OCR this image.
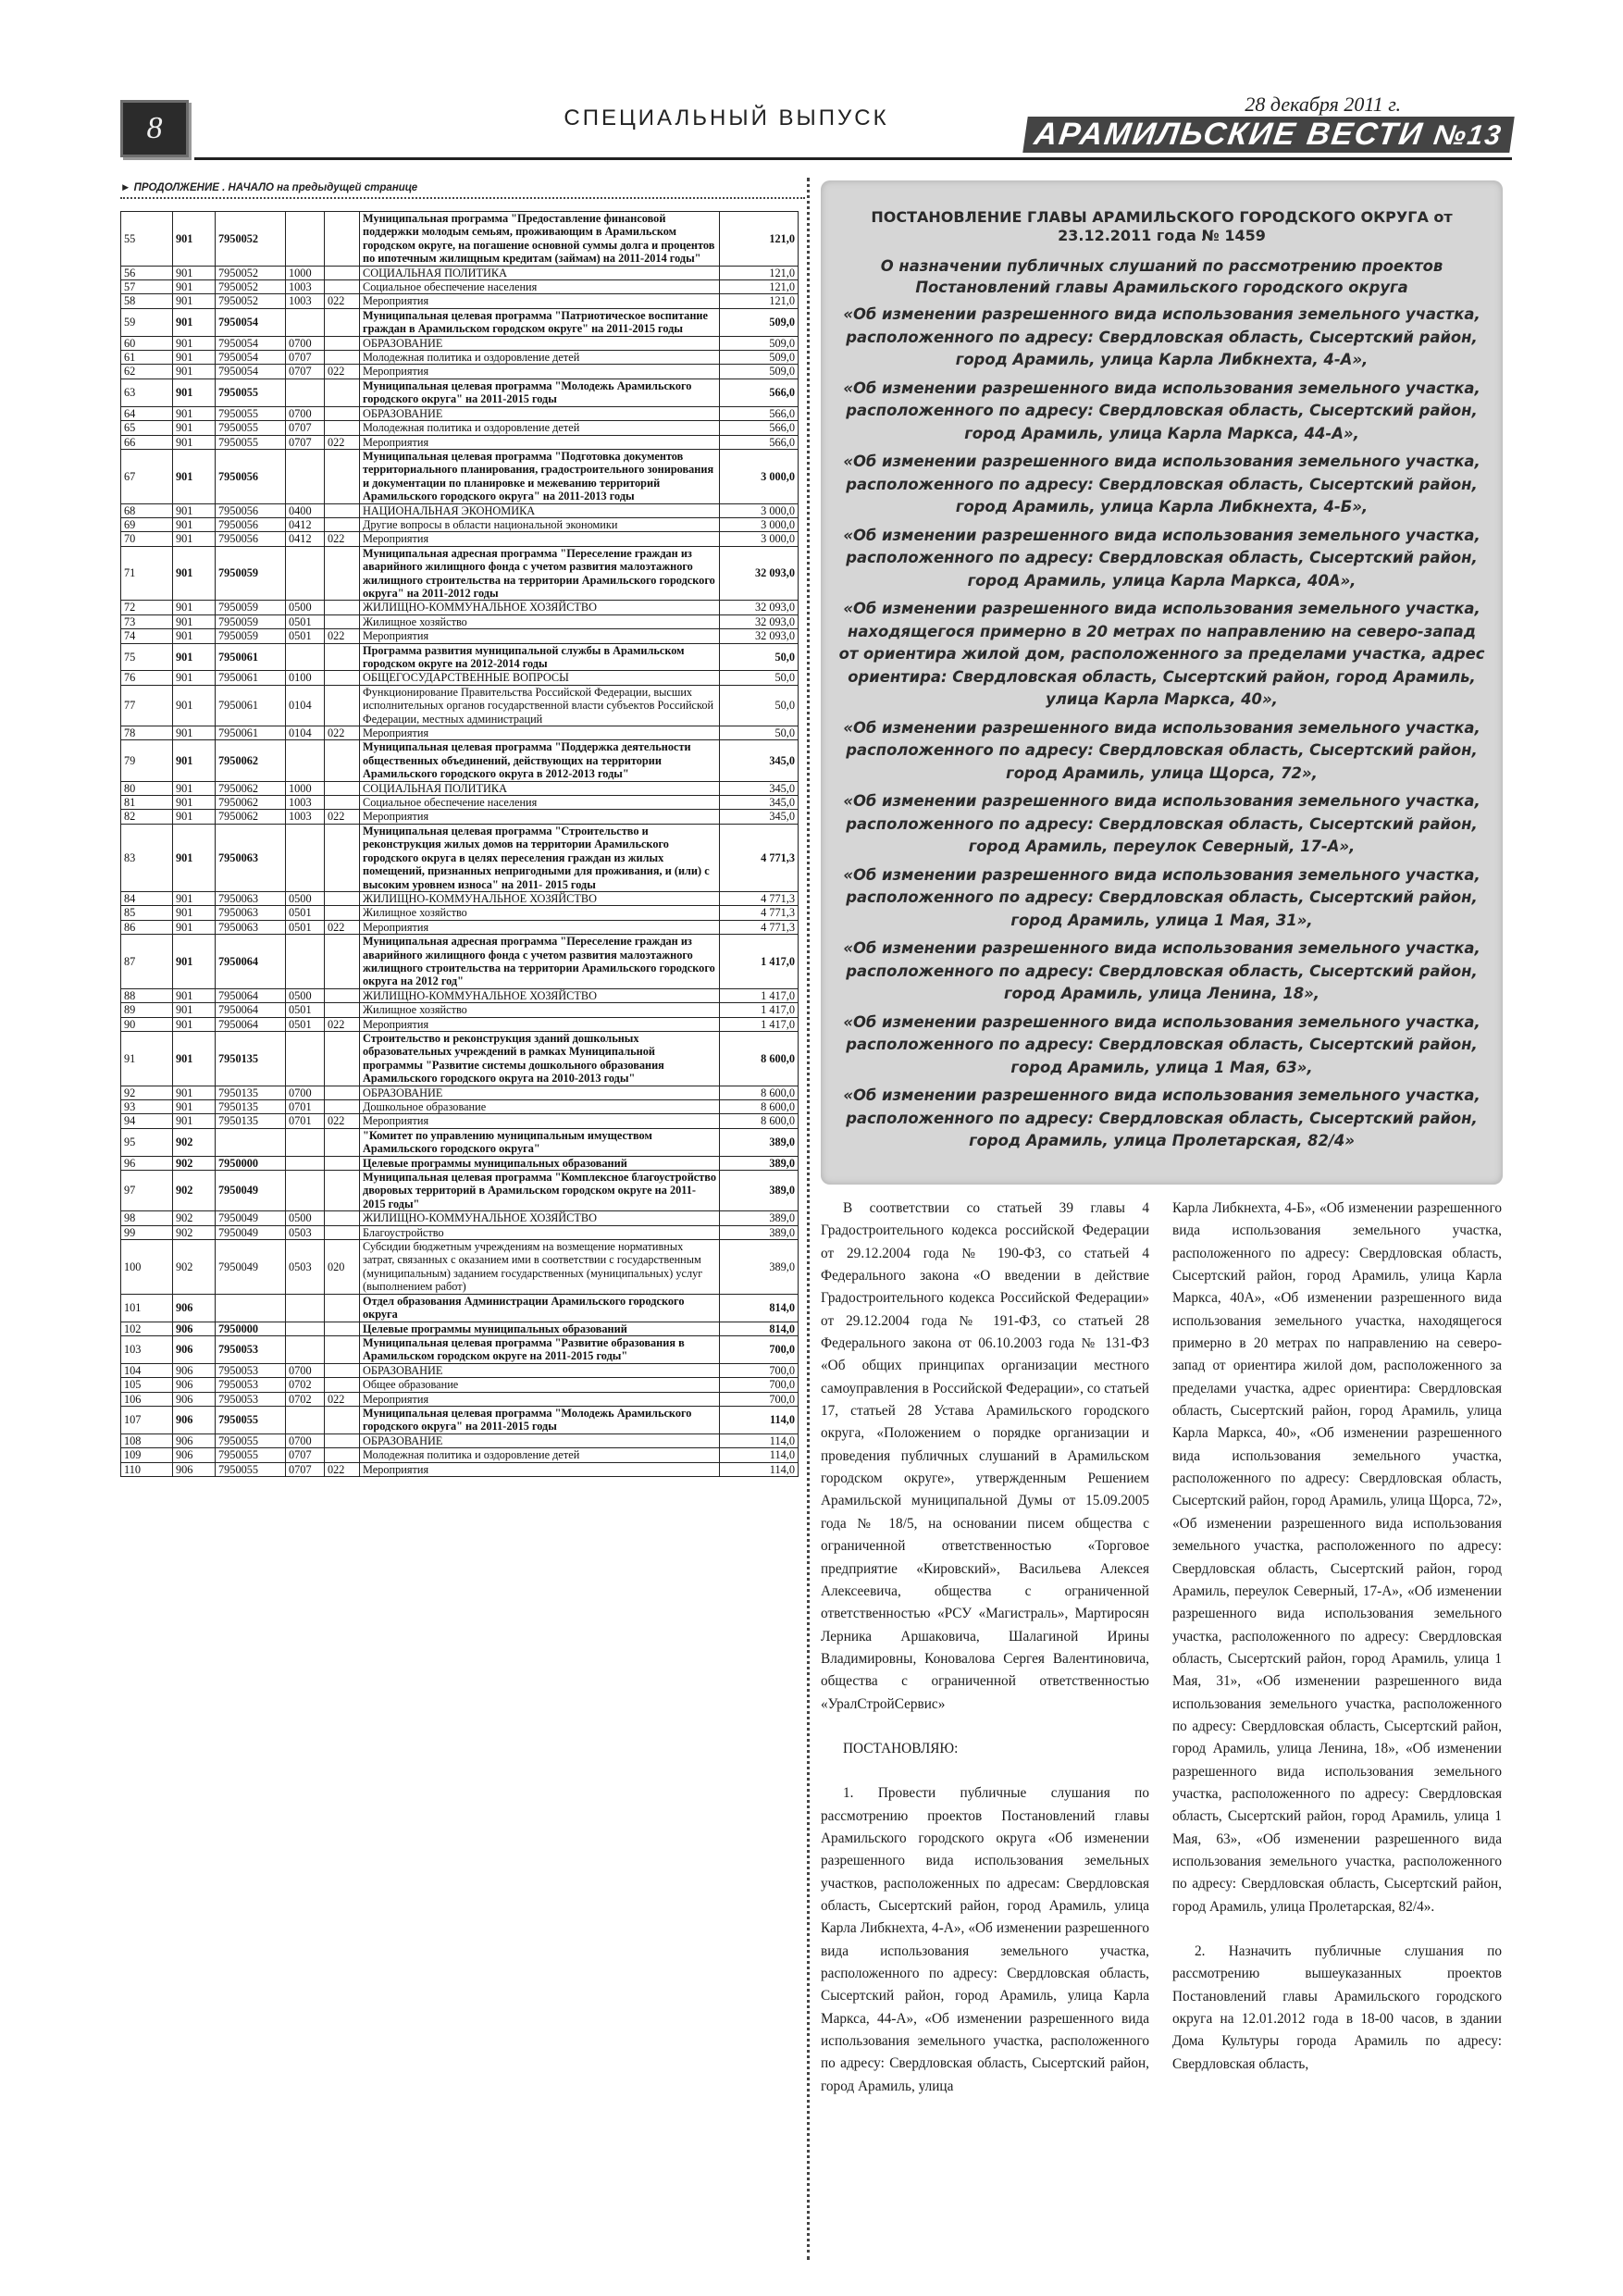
8	СПЕЦИАЛЬНЫЙ ВЫПУСК
28 декабря 2011 г.
АРАМИЛЬСКИЕ ВЕСТИ №13
► ПРОДОЛЖЕНИЕ . НАЧАЛО на предыдущей странице
55	901	7950052			Муниципальная программа "Предоставление финансовой поддержки молодым семьям, проживающим в Арамильском городском округе, на погашение основной суммы долга и процентов по ипотечным жилищным кредитам (займам) на 2011-2014 годы"	121,0
56	901	7950052	1000		СОЦИАЛЬНАЯ ПОЛИТИКА	121,0
57	901	7950052	1003		Социальное обеспечение населения	121,0
58	901	7950052	1003	022	Мероприятия	121,0
59	901	7950054			Муниципальная целевая программа "Патриотическое воспитание граждан в Арамильском городском округе" на 2011-2015 годы	509,0
60	901	7950054	0700		ОБРАЗОВАНИЕ	509,0
61	901	7950054	0707		Молодежная политика и оздоровление детей	509,0
62	901	7950054	0707	022	Мероприятия	509,0
63	901	7950055			Муниципальная целевая программа "Молодежь Арамильского городского округа" на 2011-2015 годы	566,0
64	901	7950055	0700		ОБРАЗОВАНИЕ	566,0
65	901	7950055	0707		Молодежная политика и оздоровление детей	566,0
66	901	7950055	0707	022	Мероприятия	566,0
67	901	7950056			Муниципальная целевая программа "Подготовка документов территориального планирования, градостроительного зонирования и документации по планировке и межеванию территорий Арамильского городского округа" на 2011-2013 годы	3 000,0
68	901	7950056	0400		НАЦИОНАЛЬНАЯ ЭКОНОМИКА	3 000,0
69	901	7950056	0412		Другие вопросы в области национальной экономики	3 000,0
70	901	7950056	0412	022	Мероприятия	3 000,0
71	901	7950059			Муниципальная адресная программа "Переселение граждан из аварийного жилищного фонда с учетом развития малоэтажного жилищного строительства на территории Арамильского городского округа" на 2011-2012 годы	32 093,0
72	901	7950059	0500		ЖИЛИЩНО-КОММУНАЛЬНОЕ ХОЗЯЙСТВО	32 093,0
73	901	7950059	0501		Жилищное хозяйство	32 093,0
74	901	7950059	0501	022	Мероприятия	32 093,0
75	901	7950061			Программа развития муниципальной службы в Арамильском городском округе на 2012-2014 годы	50,0
76	901	7950061	0100		ОБЩЕГОСУДАРСТВЕННЫЕ ВОПРОСЫ	50,0
77	901	7950061	0104		Функционирование Правительства Российской Федерации, высших исполнительных органов государственной власти субъектов Российской Федерации, местных администраций	50,0
78	901	7950061	0104	022	Мероприятия	50,0
79	901	7950062			Муниципальная целевая программа "Поддержка деятельности общественных объединений, действующих на территории Арамильского городского округа в 2012-2013 годы"	345,0
80	901	7950062	1000		СОЦИАЛЬНАЯ ПОЛИТИКА	345,0
81	901	7950062	1003		Социальное обеспечение населения	345,0
82	901	7950062	1003	022	Мероприятия	345,0
83	901	7950063			Муниципальная целевая программа "Строительство и реконструкция жилых домов на территории Арамильского городского округа в целях переселения граждан из жилых помещений, признанных непригодными для проживания, и (или) с высоким уровнем износа" на 2011- 2015 годы	4 771,3
84	901	7950063	0500		ЖИЛИЩНО-КОММУНАЛЬНОЕ ХОЗЯЙСТВО	4 771,3
85	901	7950063	0501		Жилищное хозяйство	4 771,3
86	901	7950063	0501	022	Мероприятия	4 771,3
87	901	7950064			Муниципальная адресная программа "Переселение граждан из аварийного жилищного фонда с учетом развития малоэтажного жилищного строительства на территории Арамильского городского округа на 2012 год"	1 417,0
88	901	7950064	0500		ЖИЛИЩНО-КОММУНАЛЬНОЕ ХОЗЯЙСТВО	1 417,0
89	901	7950064	0501		Жилищное хозяйство	1 417,0
90	901	7950064	0501	022	Мероприятия	1 417,0
91	901	7950135			Строительство и реконструкция зданий дошкольных образовательных учреждений в рамках Муниципальной программы "Развитие системы дошкольного образования Арамильского городского округа на 2010-2013 годы"	8 600,0
92	901	7950135	0700		ОБРАЗОВАНИЕ	8 600,0
93	901	7950135	0701		Дошкольное образование	8 600,0
94	901	7950135	0701	022	Мероприятия	8 600,0
95	902				"Комитет по управлению муниципальным имуществом Арамильского городского округа"	389,0
96	902	7950000			Целевые программы муниципальных образований	389,0
97	902	7950049			Муниципальная целевая программа "Комплексное благоустройство дворовых территорий в Арамильском городском округе на 2011-2015 годы"	389,0
98	902	7950049	0500		ЖИЛИЩНО-КОММУНАЛЬНОЕ ХОЗЯЙСТВО	389,0
99	902	7950049	0503		Благоустройство	389,0
100	902	7950049	0503	020	Субсидии бюджетным учреждениям на возмещение нормативных затрат, связанных с оказанием ими в соответствии с государственным (муниципальным) заданием государственных (муниципальных) услуг (выполнением работ)	389,0
101	906				Отдел образования Администрации Арамильского городского округа	814,0
102	906	7950000			Целевые программы муниципальных образований	814,0
103	906	7950053			Муниципальная целевая программа "Развитие образования в Арамильском городском округе на 2011-2015 годы"	700,0
104	906	7950053	0700		ОБРАЗОВАНИЕ	700,0
105	906	7950053	0702		Общее образование	700,0
106	906	7950053	0702	022	Мероприятия	700,0
107	906	7950055			Муниципальная целевая программа "Молодежь Арамильского городского округа" на 2011-2015 годы	114,0
108	906	7950055	0700		ОБРАЗОВАНИЕ	114,0
109	906	7950055	0707		Молодежная политика и оздоровление детей	114,0
110	906	7950055	0707	022	Мероприятия	114,0
ПОСТАНОВЛЕНИЕ ГЛАВЫ АРАМИЛЬСКОГО ГОРОДСКОГО ОКРУГА от 23.12.2011 года № 1459
О назначении публичных слушаний по рассмотрению проектов Постановлений главы Арамильского городского округа
«Об изменении разрешенного вида использования земельного участка, расположенного по адресу: Свердловская область, Сысертский район, город Арамиль, улица Карла Либкнехта, 4-А»,
«Об изменении разрешенного вида использования земельного участка, расположенного по адресу: Свердловская область, Сысертский район, город Арамиль, улица Карла Маркса, 44-А»,
«Об изменении разрешенного вида использования земельного участка, расположенного по адресу: Свердловская область, Сысертский район, город Арамиль, улица Карла Либкнехта, 4-Б»,
«Об изменении разрешенного вида использования земельного участка, расположенного по адресу: Свердловская область, Сысертский район, город Арамиль, улица Карла Маркса, 40А»,
«Об изменении разрешенного вида использования земельного участка, находящегося примерно в 20 метрах по направлению на северо-запад от ориентира жилой дом, расположенного за пределами участка, адрес ориентира: Свердловская область, Сысертский район, город Арамиль, улица Карла Маркса, 40»,
«Об изменении разрешенного вида использования земельного участка, расположенного по адресу: Свердловская область, Сысертский район, город Арамиль, улица Щорса, 72»,
«Об изменении разрешенного вида использования земельного участка, расположенного по адресу: Свердловская область, Сысертский район, город Арамиль, переулок Северный, 17-А»,
«Об изменении разрешенного вида использования земельного участка, расположенного по адресу: Свердловская область, Сысертский район, город Арамиль, улица 1 Мая, 31»,
«Об изменении разрешенного вида использования земельного участка, расположенного по адресу: Свердловская область, Сысертский район, город Арамиль, улица Ленина, 18»,
«Об изменении разрешенного вида использования земельного участка, расположенного по адресу: Свердловская область, Сысертский район, город Арамиль, улица 1 Мая, 63»,
«Об изменении разрешенного вида использования земельного участка, расположенного по адресу: Свердловская область, Сысертский район, город Арамиль, улица Пролетарская, 82/4»

В соответствии со статьей 39 главы 4 Градостроительного кодекса российской Федерации от 29.12.2004 года № 190-ФЗ, со статьей 4 Федерального закона «О введении в действие Градостроительного кодекса Российской Федерации» от 29.12.2004 года № 191-ФЗ, со статьей 28 Федерального закона от 06.10.2003 года № 131-ФЗ «Об общих принципах организации местного самоуправления в Российской Федерации», со статьей 17, статьей 28 Устава Арамильского городского округа, «Положением о порядке организации и проведения публичных слушаний в Арамильском городском округе», утвержденным Решением Арамильской муниципальной Думы от 15.09.2005 года № 18/5, на основании писем общества с ограниченной ответственностью «Торговое предприятие «Кировский», Васильева Алексея Алексеевича, общества с ограниченной ответственностью «РСУ «Магистраль», Мартиросян Лерника Аршаковича, Шалагиной Ирины Владимировны, Коноваловa Сергея Валентиновича, общества с ограниченной ответственностью «УралСтройСервис»

ПОСТАНОВЛЯЮ:

1. Провести публичные слушания по рассмотрению проектов Постановлений главы Арамильского городского округа «Об изменении разрешенного вида использования земельных участков, расположенных по адресам: Свердловская область, Сысертский район, город Арамиль, улица Карла Либкнехта, 4-А», «Об изменении разрешенного вида использования земельного участка, расположенного по адресу: Свердловская область, Сысертский район, город Арамиль, улица Карла Маркса, 44-А», «Об изменении разрешенного вида использования земельного участка, расположенного по адресу: Свердловская область, Сысертский район, город Арамиль, улица

Карла Либкнехта, 4-Б», «Об изменении разрешенного вида использования земельного участка, расположенного по адресу: Свердловская область, Сысертский район, город Арамиль, улица Карла Маркса, 40А», «Об изменении разрешенного вида использования земельного участка, находящегося примерно в 20 метрах по направлению на северо-запад от ориентира жилой дом, расположенного за пределами участка, адрес ориентира: Свердловская область, Сысертский район, город Арамиль, улица Карла Маркса, 40», «Об изменении разрешенного вида использования земельного участка, расположенного по адресу: Свердловская область, Сысертский район, город Арамиль, улица Щорса, 72», «Об изменении разрешенного вида использования земельного участка, расположенного по адресу: Свердловская область, Сысертский район, город Арамиль, переулок Северный, 17-А», «Об изменении разрешенного вида использования земельного участка, расположенного по адресу: Свердловская область, Сысертский район, город Арамиль, улица 1 Мая, 31», «Об изменении разрешенного вида использования земельного участка, расположенного по адресу: Свердловская область, Сысертский район, город Арамиль, улица Ленина, 18», «Об изменении разрешенного вида использования земельного участка, расположенного по адресу: Свердловская область, Сысертский район, город Арамиль, улица 1 Мая, 63», «Об изменении разрешенного вида использования земельного участка, расположенного по адресу: Свердловская область, Сысертский район, город Арамиль, улица Пролетарская, 82/4».

2. Назначить публичные слушания по рассмотрению вышеуказанных проектов Постановлений главы Арамильского городского округа на 12.01.2012 года в 18-00 часов, в здании Дома Культуры города Арамиль по адресу: Свердловская область,
